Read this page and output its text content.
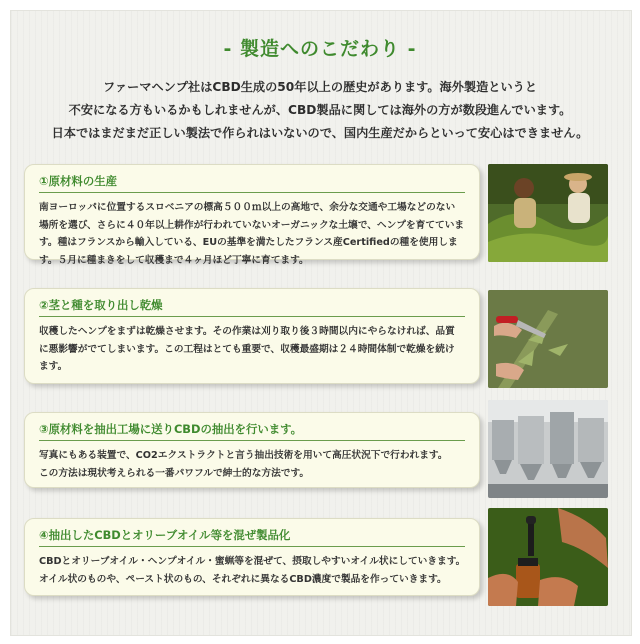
- 製造へのこだわり -
ファーマヘンプ社はCBD生成の50年以上の歴史があります。海外製造というと
不安になる方もいるかもしれませんが、CBD製品に関しては海外の方が数段進んでいます。
日本ではまだまだ正しい製法で作られはいないので、国内生産だからといって安心はできません。
①原材料の生産
南ヨーロッパに位置するスロベニアの標高５００ｍ以上の高地で、余分な交通や工場などのない
場所を選び、さらに４０年以上耕作が行われていないオーガニックな土壌で、ヘンプを育てていま
す。種はフランスから輸入している、EUの基準を満たしたフランス産Certifiedの種を使用しま
す。５月に種まきをして収穫まで４ヶ月ほど丁寧に育てます。
②茎と種を取り出し乾燥
収穫したヘンプをまずは乾燥させます。その作業は刈り取り後３時間以内にやらなければ、品質
に悪影響がでてしまいます。この工程はとても重要で、収穫最盛期は２４時間体制で乾燥を続け
ます。
③原材料を抽出工場に送りCBDの抽出を行います。
写真にもある装置で、CO2エクストラクトと言う抽出技術を用いて高圧状況下で行われます。
この方法は現状考えられる一番パワフルで紳士的な方法です。
④抽出したCBDとオリーブオイル等を混ぜ製品化
CBDとオリーブオイル・ヘンプオイル・蜜蝋等を混ぜて、摂取しやすいオイル状にしていきます。
オイル状のものや、ペースト状のもの、それぞれに異なるCBD濃度で製品を作っていきます。
